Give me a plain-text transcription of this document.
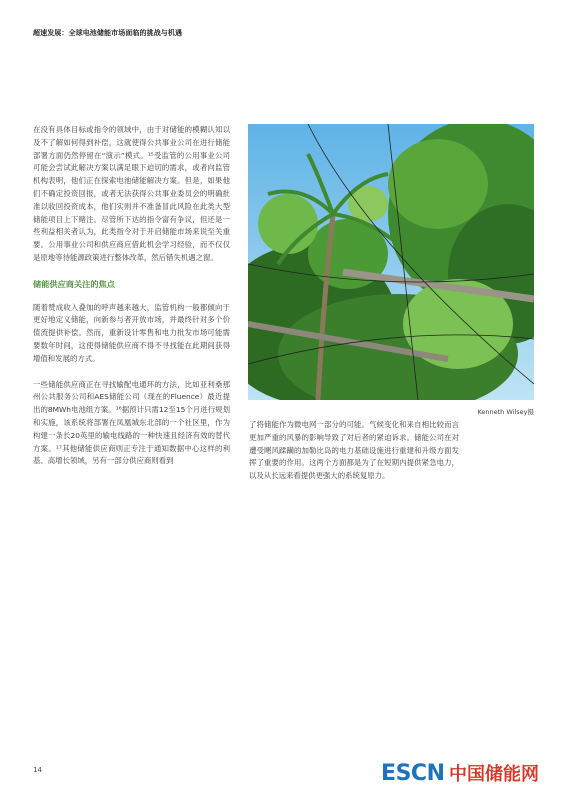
超速发展：全球电池储能市场面临的挑战与机遇

在没有具体目标或指令的领域中，由于对储能的模糊认知以及不了解如何得到补偿，这就使得公共事业公司在进行储能部署方面仍然停留在“演示”模式。¹⁵受监管的公用事业公司可能会尝试此解决方案以满足眼下迫切的需求，或者向监管机构表明，他们正在探索电池储能解决方案。但是，如果他们不确定投资回报，或者无法获得公共事业委员会的明确批准以收回投资成本，他们实则并不准备冒此风险在此类大型储能项目上下赌注。尽管所下达的指令富有争议，但还是一些利益相关者认为，此类指令对于开启储能市场来说至关重要。公用事业公司和供应商应借此机会学习经验，而不仅仅是原地等待能源政策进行整体改革，然后错失机遇之窗。

储能供应商关注的焦点

随着赞成收入叠加的呼声越来越大，监管机构一般都倾向于更好地定义储能，向新参与者开放市场，并最终针对多个价值流提供补偿。然而，重新设计零售和电力批发市场可能需要数年时间，这使得储能供应商不得不寻找能在此期间获得增值和发展的方式。

一些储能供应商正在寻找输配电通环的方法，比如亚利桑那州公共服务公司和AES储能公司（现在的Fluence）最近提出的8MWh电池组方案。¹⁶据预计只需12至15个月进行规划和实施，该系统将部署在凤凰城东北部的一个社区里，作为构建一条长20英里的输电线路的一种快速且经济有效的替代方案。¹⁷其他储能供应商则正专注于通知数据中心这样的利基、高增长领域，另有一部分供应商则看到

Kenneth Wilsey摄

了将储能作为微电网一部分的可能。气候变化和来自相比较而言更加严重的风暴的影响导致了对后者的紧迫诉求。储能公司在对遭受飓风蹂躏的加勒比岛的电力基础设施进行重建和升级方面发挥了重要的作用。这两个方面都是为了在短期内提供紧急电力，以及从长远来看提供更强大的系统复原力。

14	ESC N 中国储能网
